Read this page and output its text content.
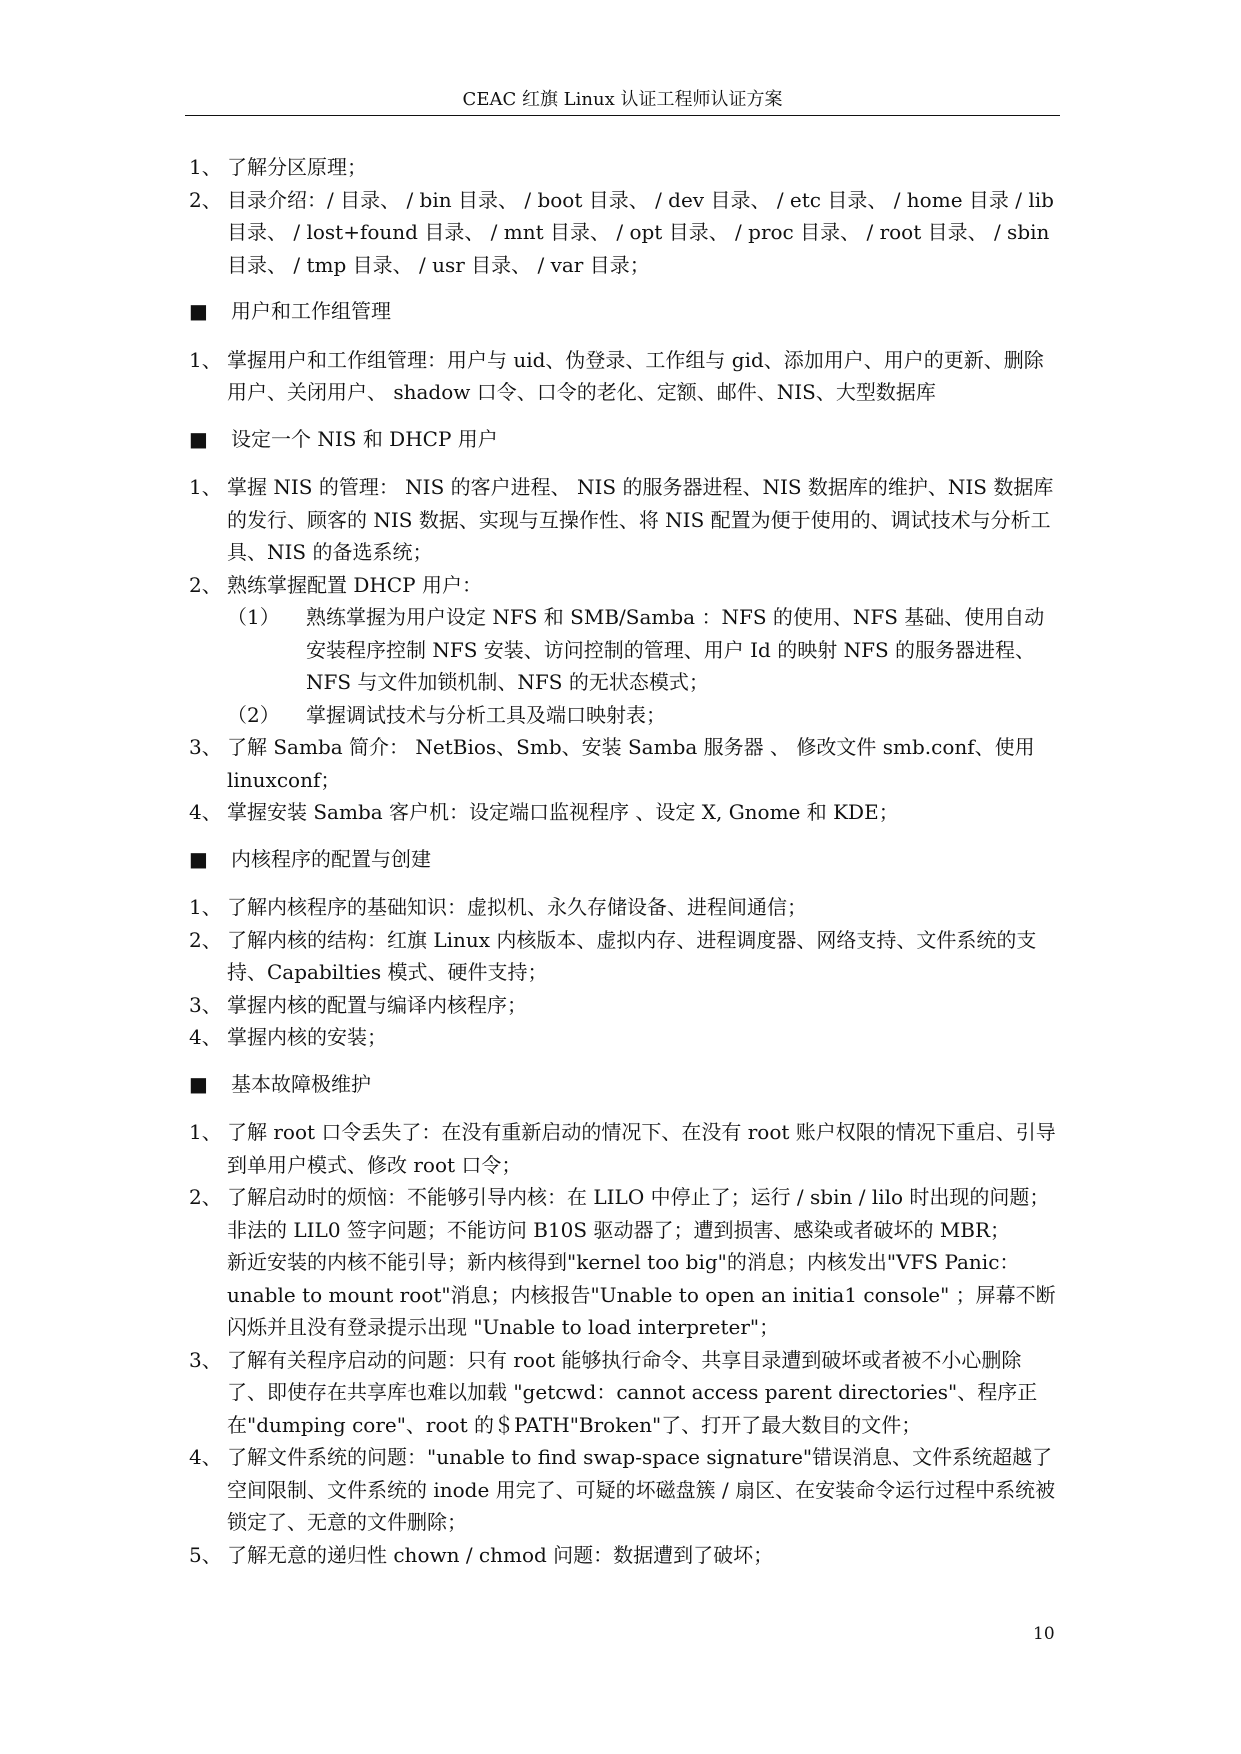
CEAC 红旗 Linux 认证工程师认证方案
1、 了解分区原理；
2、 目录介绍：/ 目录、 / bin 目录、 / boot 目录、 / dev 目录、 / etc 目录、 / home 目录 / lib 目录、 / lost+found 目录、 / mnt 目录、 / opt 目录、 / proc 目录、 / root 目录、 / sbin 目录、 / tmp 目录、 / usr 目录、 / var 目录；
■ 用户和工作组管理
1、 掌握用户和工作组管理：用户与 uid、伪登录、工作组与 gid、添加用户、用户的更新、删除用户、关闭用户、 shadow 口令、口令的老化、定额、邮件、NIS、大型数据库
■ 设定一个 NIS 和 DHCP 用户
1、 掌握 NIS 的管理： NIS 的客户进程、 NIS 的服务器进程、NIS 数据库的维护、NIS 数据库的发行、顾客的 NIS 数据、实现与互操作性、将 NIS 配置为便于使用的、调试技术与分析工具、NIS 的备选系统；
2、 熟练掌握配置 DHCP 用户：
（1） 熟练掌握为用户设定 NFS 和 SMB/Samba ：NFS 的使用、NFS 基础、使用自动安装程序控制 NFS 安装、访问控制的管理、用户 Id 的映射 NFS 的服务器进程、NFS 与文件加锁机制、NFS 的无状态模式；
（2） 掌握调试技术与分析工具及端口映射表；
3、 了解 Samba 简介： NetBios、Smb、安装 Samba 服务器 、 修改文件 smb.conf、使用 linuxconf；
4、 掌握安装 Samba 客户机：设定端口监视程序 、设定 X, Gnome 和 KDE；
■ 内核程序的配置与创建
1、 了解内核程序的基础知识：虚拟机、永久存储设备、进程间通信；
2、 了解内核的结构：红旗 Linux 内核版本、虚拟内存、进程调度器、网络支持、文件系统的支持、Capabilties 模式、硬件支持；
3、 掌握内核的配置与编译内核程序；
4、 掌握内核的安装；
■ 基本故障极维护
1、 了解 root 口令丢失了：在没有重新启动的情况下、在没有 root 账户权限的情况下重启、引导到单用户模式、修改 root 口令；
2、 了解启动时的烦恼：不能够引导内核：在 LILO 中停止了；运行 / sbin / lilo 时出现的问题；非法的 LIL0 签字问题；不能访问 B10S 驱动器了；遭到损害、感染或者破坏的 MBR；　　　新近安装的内核不能引导；新内核得到"kernel too big"的消息；内核发出"VFS Panic：unable to mount root"消息；内核报告"Unable to open an initia1 console" ；屏幕不断闪烁并且没有登录提示出现 "Unable to load interpreter"；
3、 了解有关程序启动的问题：只有 root 能够执行命令、共享目录遭到破坏或者被不小心删除了、即使存在共享库也难以加载 "getcwd：cannot access parent directories"、程序正在"dumping core"、root 的＄PATH"Broken"了、打开了最大数目的文件；
4、 了解文件系统的问题："unable to find swap-space signature"错误消息、文件系统超越了空间限制、文件系统的 inode 用完了、可疑的坏磁盘簇 / 扇区、在安装命令运行过程中系统被锁定了、无意的文件删除；
5、 了解无意的递归性 chown / chmod 问题：数据遭到了破坏；
10
